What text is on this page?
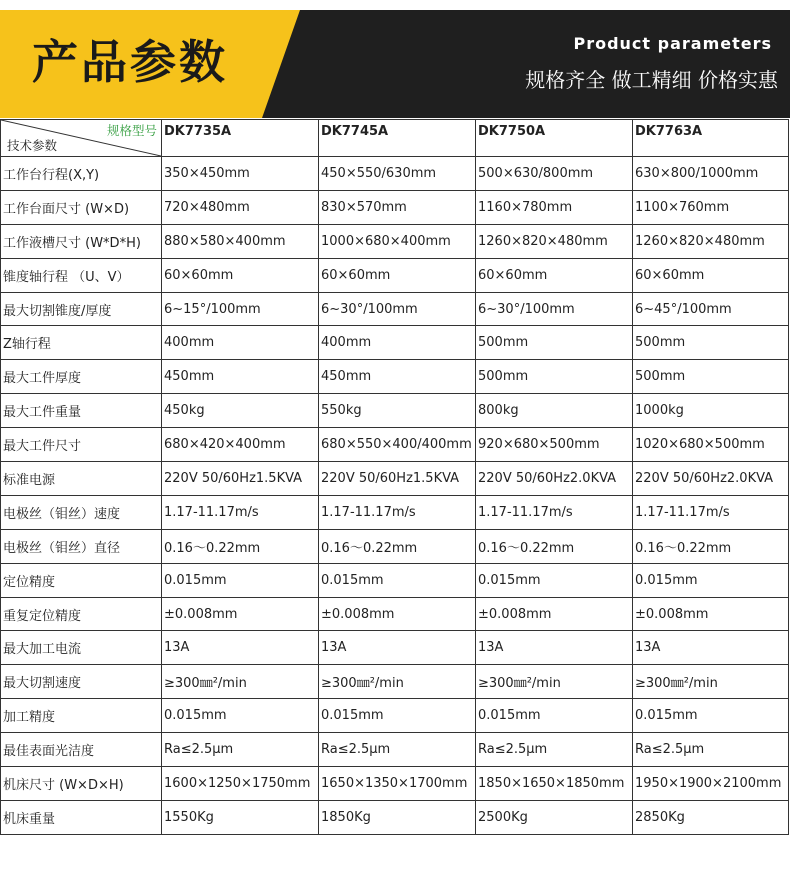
产品参数	Product parameters
规格齐全 做工精细 价格实惠
规格型号
技术参数	DK7735A	DK7745A	DK7750A	DK7763A
工作台行程(X,Y)	350×450mm	450×550/630mm	500×630/800mm	630×800/1000mm
工作台面尺寸 (W×D)	720×480mm	830×570mm	1160×780mm	1100×760mm
工作液槽尺寸 (W*D*H)	880×580×400mm	1000×680×400mm	1260×820×480mm	1260×820×480mm
锥度轴行程 （U、V）	60×60mm	60×60mm	60×60mm	60×60mm
最大切割锥度/厚度	6~15°/100mm	6~30°/100mm	6~30°/100mm	6~45°/100mm
Z轴行程	400mm	400mm	500mm	500mm
最大工件厚度	450mm	450mm	500mm	500mm
最大工件重量	450kg	550kg	800kg	1000kg
最大工件尺寸	680×420×400mm	680×550×400/400mm	920×680×500mm	1020×680×500mm
标准电源	220V 50/60Hz1.5KVA	220V 50/60Hz1.5KVA	220V 50/60Hz2.0KVA	220V 50/60Hz2.0KVA
电极丝（钼丝）速度	1.17-11.17m/s	1.17-11.17m/s	1.17-11.17m/s	1.17-11.17m/s
电极丝（钼丝）直径	0.16～0.22mm	0.16～0.22mm	0.16～0.22mm	0.16～0.22mm
定位精度	0.015mm	0.015mm	0.015mm	0.015mm
重复定位精度	±0.008mm	±0.008mm	±0.008mm	±0.008mm
最大加工电流	13A	13A	13A	13A
最大切割速度	≥300㎜²/min	≥300㎜²/min	≥300㎜²/min	≥300㎜²/min
加工精度	0.015mm	0.015mm	0.015mm	0.015mm
最佳表面光洁度	Ra≤2.5μm	Ra≤2.5μm	Ra≤2.5μm	Ra≤2.5μm
机床尺寸 (W×D×H)	1600×1250×1750mm	1650×1350×1700mm	1850×1650×1850mm	1950×1900×2100mm
机床重量	1550Kg	1850Kg	2500Kg	2850Kg
